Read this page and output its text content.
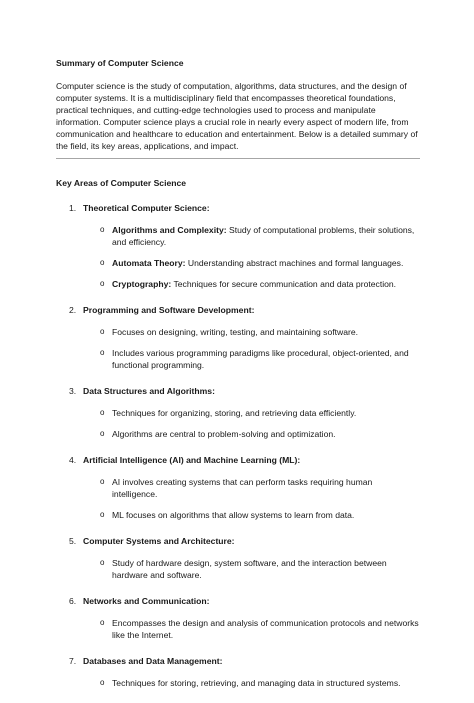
Summary of Computer Science

Computer science is the study of computation, algorithms, data structures, and the design of computer systems. It is a multidisciplinary field that encompasses theoretical foundations, practical techniques, and cutting-edge technologies used to process and manipulate information. Computer science plays a crucial role in nearly every aspect of modern life, from communication and healthcare to education and entertainment. Below is a detailed summary of the field, its key areas, applications, and impact.

Key Areas of Computer Science

1. Theoretical Computer Science:
o Algorithms and Complexity: Study of computational problems, their solutions, and efficiency.
o Automata Theory: Understanding abstract machines and formal languages.
o Cryptography: Techniques for secure communication and data protection.
2. Programming and Software Development:
o Focuses on designing, writing, testing, and maintaining software.
o Includes various programming paradigms like procedural, object-oriented, and functional programming.
3. Data Structures and Algorithms:
o Techniques for organizing, storing, and retrieving data efficiently.
o Algorithms are central to problem-solving and optimization.
4. Artificial Intelligence (AI) and Machine Learning (ML):
o AI involves creating systems that can perform tasks requiring human intelligence.
o ML focuses on algorithms that allow systems to learn from data.
5. Computer Systems and Architecture:
o Study of hardware design, system software, and the interaction between hardware and software.
6. Networks and Communication:
o Encompasses the design and analysis of communication protocols and networks like the Internet.
7. Databases and Data Management:
o Techniques for storing, retrieving, and managing data in structured systems.
